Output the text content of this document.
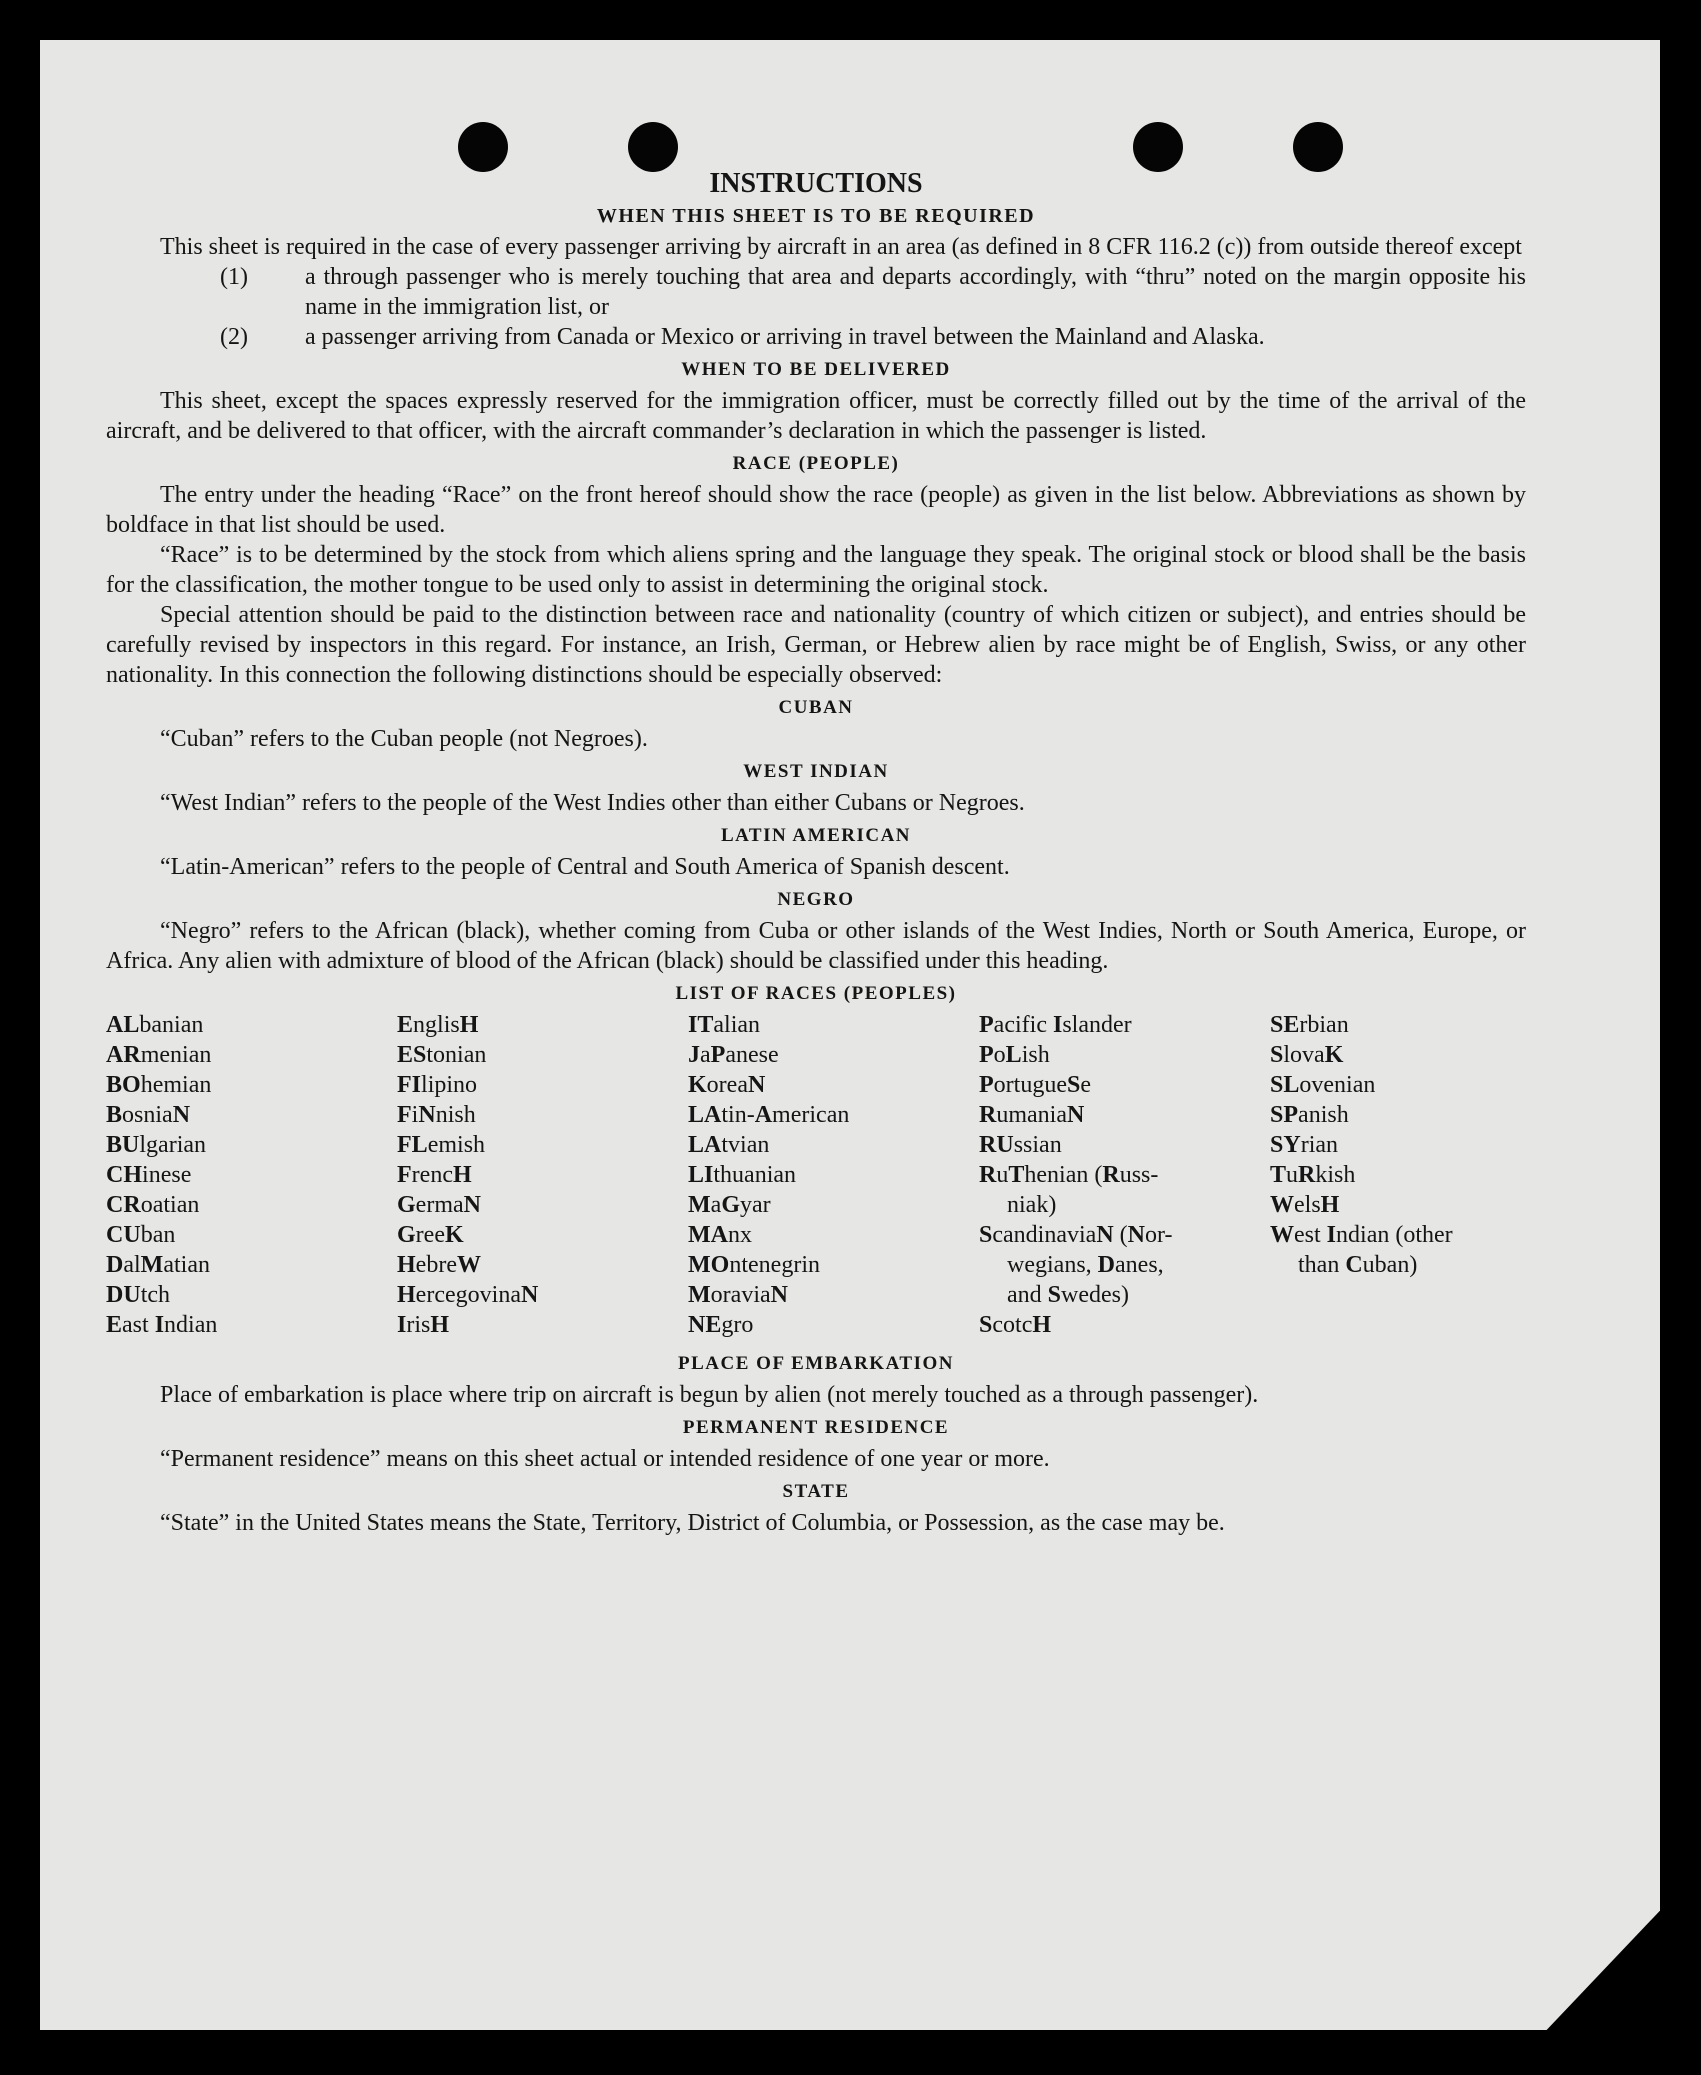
INSTRUCTIONS
WHEN THIS SHEET IS TO BE REQUIRED

This sheet is required in the case of every passenger arriving by aircraft in an area (as defined in 8 CFR 116.2 (c)) from outside thereof except

(1) a through passenger who is merely touching that area and departs accordingly, with “thru” noted on the margin opposite his name in the immigration list, or
(2) a passenger arriving from Canada or Mexico or arriving in travel between the Mainland and Alaska.
WHEN TO BE DELIVERED

This sheet, except the spaces expressly reserved for the immigration officer, must be correctly filled out by the time of the arrival of the aircraft, and be delivered to that officer, with the aircraft commander’s declaration in which the passenger is listed.

RACE (PEOPLE)

The entry under the heading “Race” on the front hereof should show the race (people) as given in the list below. Abbreviations as shown by boldface in that list should be used.

“Race” is to be determined by the stock from which aliens spring and the language they speak. The original stock or blood shall be the basis for the classification, the mother tongue to be used only to assist in determining the original stock.

Special attention should be paid to the distinction between race and nationality (country of which citizen or subject), and entries should be carefully revised by inspectors in this regard. For instance, an Irish, German, or Hebrew alien by race might be of English, Swiss, or any other nationality. In this connection the following distinctions should be especially observed:

CUBAN

“Cuban” refers to the Cuban people (not Negroes).

WEST INDIAN

“West Indian” refers to the people of the West Indies other than either Cubans or Negroes.

LATIN AMERICAN

“Latin-American” refers to the people of Central and South America of Spanish descent.

NEGRO

“Negro” refers to the African (black), whether coming from Cuba or other islands of the West Indies, North or South America, Europe, or Africa. Any alien with admixture of blood of the African (black) should be classified under this heading.

LIST OF RACES (PEOPLES)
ALbanian
ARmenian
BOhemian
BosniaN
BUlgarian
CHinese
CRoatian
CUban
DalMatian
DUtch
East Indian
EnglisH
EStonian
FIlipino
FiNnish
FLemish
FrencH
GermaN
GreeK
HebreW
HercegovinaN
IrisH
ITalian
JaPanese
KoreaN
LAtin-American
LAtvian
LIthuanian
MaGyar
MAnx
MOntenegrin
MoraviaN
NEgro
Pacific Islander
PoLish
PortugueSe
RumaniaN
RUssian
RuThenian (Russ-
niak)
ScandinaviaN (Nor-
wegians, Danes,
and Swedes)
ScotcH
SErbian
SlovaK
SLovenian
SPanish
SYrian
TuRkish
WelsH
West Indian (other
than Cuban)
PLACE OF EMBARKATION

Place of embarkation is place where trip on aircraft is begun by alien (not merely touched as a through passenger).

PERMANENT RESIDENCE

“Permanent residence” means on this sheet actual or intended residence of one year or more.

STATE

“State” in the United States means the State, Territory, District of Columbia, or Possession, as the case may be.
